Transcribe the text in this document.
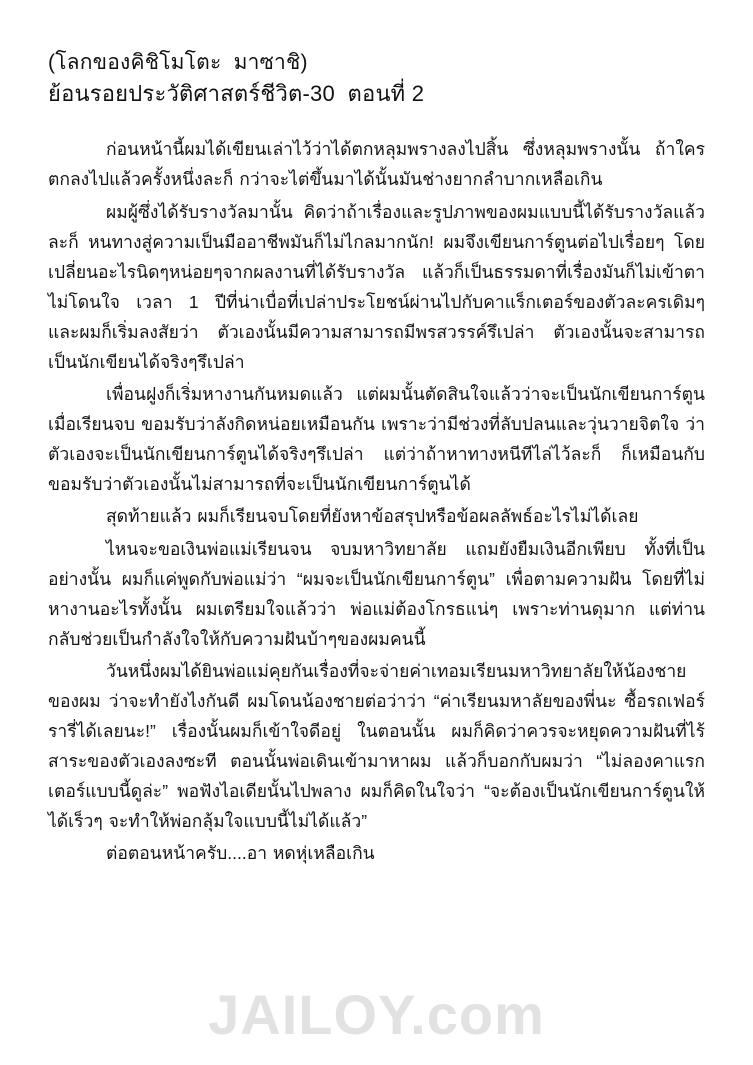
(โลกของคิชิโมโตะ  มาซาชิ)
ย้อนรอยประวัติศาสตร์ชีวิต-30  ตอนที่ 2

ก่อนหน้านี้ผมได้เขียนเล่าไว้ว่าได้ตกหลุมพรางลงไปสิ้น ซึ่งหลุมพรางนั้น ถ้าใครตกลงไปแล้วครั้งหนึ่งละก็ กว่าจะไต่ขึ้นมาได้นั้นมันช่างยากลำบากเหลือเกิน

ผมผู้ซึ่งได้รับรางวัลมานั้น คิดว่าถ้าเรื่องและรูปภาพของผมแบบนี้ได้รับรางวัลแล้วละก็ หนทางสู่ความเป็นมืออาชีพมันก็ไม่ไกลมากนัก! ผมจึงเขียนการ์ตูนต่อไปเรื่อยๆ โดยเปลี่ยนอะไรนิดๆหน่อยๆจากผลงานที่ได้รับรางวัล แล้วก็เป็นธรรมดาที่เรื่องมันก็ไม่เข้าตาไม่โดนใจ เวลา 1 ปีที่น่าเบื่อที่เปล่าประโยชน์ผ่านไปกับคาแร็กเตอร์ของตัวละครเดิมๆ และผมก็เริ่มลงสัยว่า ตัวเองนั้นมีความสามารถมีพรสวรรค์รึเปล่า ตัวเองนั้นจะสามารถเป็นนักเขียนได้จริงๆรึเปล่า

เพื่อนฝูงก็เริ่มหางานกันหมดแล้ว แต่ผมนั้นตัดสินใจแล้วว่าจะเป็นนักเขียนการ์ตูนเมื่อเรียนจบ ขอมรับว่าลังกิดหน่อยเหมือนกัน เพราะว่ามีช่วงที่ลับปลนและวุ่นวายจิตใจ ว่าตัวเองจะเป็นนักเขียนการ์ตูนได้จริงๆรึเปล่า แต่ว่าถ้าหาทางหนีทีไล่ไว้ละก็ ก็เหมือนกับขอมรับว่าตัวเองนั้นไม่สามารถที่จะเป็นนักเขียนการ์ตูนได้

สุดท้ายแล้ว ผมก็เรียนจบโดยที่ยังหาข้อสรุปหรือข้อผลลัพธ์อะไรไม่ได้เลย

ไหนจะขอเงินพ่อแม่เรียนจน จบมหาวิทยาลัย แถมยังยืมเงินอีกเพียบ ทั้งที่เป็นอย่างนั้น ผมก็แค่พูดกับพ่อแม่ว่า “ผมจะเป็นนักเขียนการ์ตูน” เพื่อตามความฝัน โดยที่ไม่หางานอะไรทั้งนั้น ผมเตรียมใจแล้วว่า พ่อแม่ต้องโกรธแน่ๆ เพราะท่านดุมาก แต่ท่านกลับช่วยเป็นกำลังใจให้กับความฝันบ้าๆของผมคนนี้

วันหนึ่งผมได้ยินพ่อแม่คุยกันเรื่องที่จะจ่ายค่าเทอมเรียนมหาวิทยาลัยให้น้องชายของผม ว่าจะทำยังไงกันดี ผมโดนน้องชายต่อว่าว่า “ค่าเรียนมหาลัยของพี่นะ ซื้อรถเฟอร์รารี่ได้เลยนะ!” เรื่องนั้นผมก็เข้าใจดีอยู่ ในตอนนั้น ผมก็คิดว่าควรจะหยุดความฝันที่ไร้สาระของตัวเองลงซะที ตอนนั้นพ่อเดินเข้ามาหาผม แล้วก็บอกกับผมว่า “ไม่ลองคาแรกเตอร์แบบนี้ดูล่ะ” พอฟังไอเดียนั้นไปพลาง ผมก็คิดในใจว่า “จะต้องเป็นนักเขียนการ์ตูนให้ได้เร็วๆ จะทำให้พ่อกลุ้มใจแบบนี้ไม่ได้แล้ว”

ต่อตอนหน้าครับ....อา หดหุ่เหลือเกิน

JAILOY.com
